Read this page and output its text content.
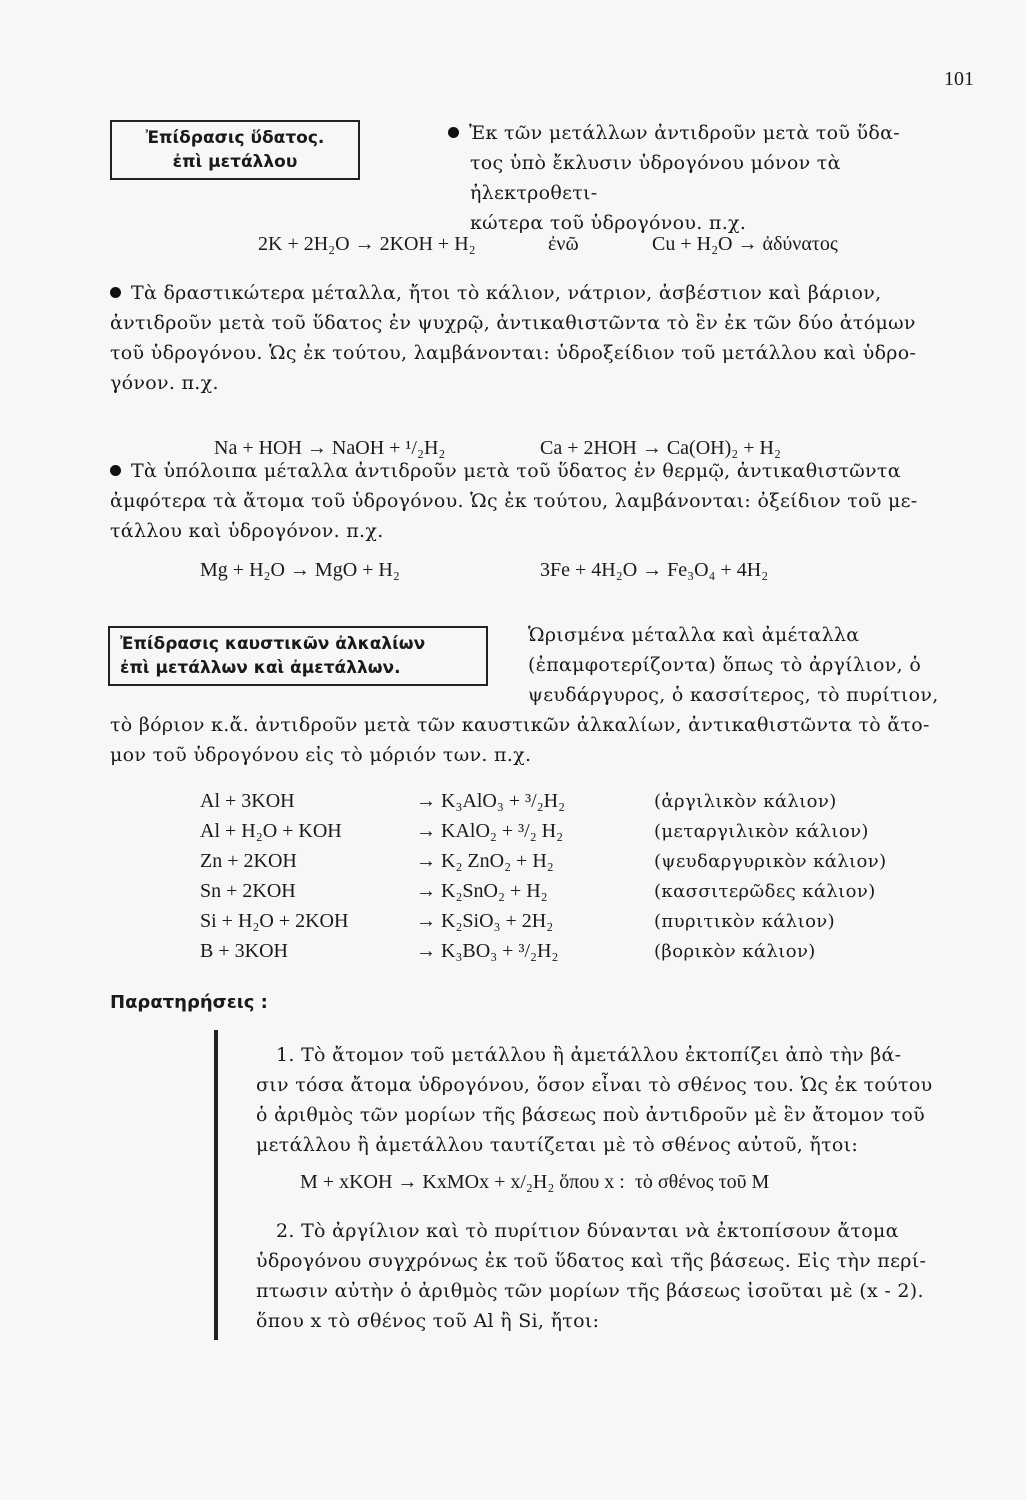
101
Ἐπίδρασις ὕδατος.
ἐπὶ μετάλλου
Ἐκ τῶν μετάλλων ἀντιδροῦν μετὰ τοῦ ὕδα-
τος ὑπὸ ἔκλυσιν ὑδρογόνου μόνον τὰ ἠλεκτροθετι-
κώτερα τοῦ ὑδρογόνου. π.χ.
2K + 2H₂O → 2KOH + H₂	ἐνῶ	Cu + H₂O → ἀδύνατος
Τὰ δραστικώτερα μέταλλα, ἤτοι τὸ κάλιον, νάτριον, ἀσβέστιον καὶ βάριον,
ἀντιδροῦν μετὰ τοῦ ὕδατος ἐν ψυχρῷ, ἀντικαθιστῶντα τὸ ἓν ἐκ τῶν δύο ἀτόμων
τοῦ ὑδρογόνου. Ὡς ἐκ τούτου, λαμβάνονται: ὑδροξείδιον τοῦ μετάλλου καὶ ὑδρο-
γόνον. π.χ.
Na + HOH → NaOH + ¹/₂H₂	Ca + 2HOH → Ca(OH)₂ + H₂
Τὰ ὑπόλοιπα μέταλλα ἀντιδροῦν μετὰ τοῦ ὕδατος ἐν θερμῷ, ἀντικαθιστῶντα
ἀμφότερα τὰ ἄτομα τοῦ ὑδρογόνου. Ὡς ἐκ τούτου, λαμβάνονται: ὀξείδιον τοῦ με-
τάλλου καὶ ὑδρογόνον. π.χ.
Mg + H₂O → MgO + H₂	3Fe + 4H₂O → Fe₃O₄ + 4H₂
Ἐπίδρασις καυστικῶν ἀλκαλίων
ἐπὶ μετάλλων καὶ ἀμετάλλων.
Ὡρισμένα μέταλλα καὶ ἀμέταλλα
(ἐπαμφοτερίζοντα) ὅπως τὸ ἀργίλιον, ὁ
ψευδάργυρος, ὁ κασσίτερος, τὸ πυρίτιον,
τὸ βόριον κ.ἄ. ἀντιδροῦν μετὰ τῶν καυστικῶν ἀλκαλίων, ἀντικαθιστῶντα τὸ ἄτο-
μον τοῦ ὑδρογόνου εἰς τὸ μόριόν των. π.χ.
Al + 3KOH	→ K₃AlO₃ + ³/₂H₂	(ἀργιλικὸν κάλιον)
Al + H₂O + KOH	→ KAlO₂ + ³/₂ H₂	(μεταργιλικὸν κάλιον)
Zn + 2KOH	→ K₂ ZnO₂ + H₂	(ψευδαργυρικὸν κάλιον)
Sn + 2KOH	→ K₂SnO₂ + H₂	(κασσιτερῶδες κάλιον)
Si + H₂O + 2KOH	→ K₂SiO₃ + 2H₂	(πυριτικὸν κάλιον)
B + 3KOH	→ K₃BO₃ + ³/₂H₂	(βορικὸν κάλιον)
Παρατηρήσεις :
1. Τὸ ἄτομον τοῦ μετάλλου ἢ ἀμετάλλου ἐκτοπίζει ἀπὸ τὴν βά-
σιν τόσα ἄτομα ὑδρογόνου, ὅσον εἶναι τὸ σθένος του. Ὡς ἐκ τούτου
ὁ ἀριθμὸς τῶν μορίων τῆς βάσεως ποὺ ἀντιδροῦν μὲ ἓν ἄτομον τοῦ
μετάλλου ἢ ἀμετάλλου ταυτίζεται μὲ τὸ σθένος αὐτοῦ, ἤτοι:
M + xKOH → KxMOx + x/₂H₂ ὅπου x :  τὸ σθένος τοῦ M
2. Τὸ ἀργίλιον καὶ τὸ πυρίτιον δύνανται νὰ ἐκτοπίσουν ἄτομα
ὑδρογόνου συγχρόνως ἐκ τοῦ ὕδατος καὶ τῆς βάσεως. Εἰς τὴν περί-
πτωσιν αὐτὴν ὁ ἀριθμὸς τῶν μορίων τῆς βάσεως ἰσοῦται μὲ (x - 2).
ὅπου x τὸ σθένος τοῦ Al ἢ Si, ἤτοι:
